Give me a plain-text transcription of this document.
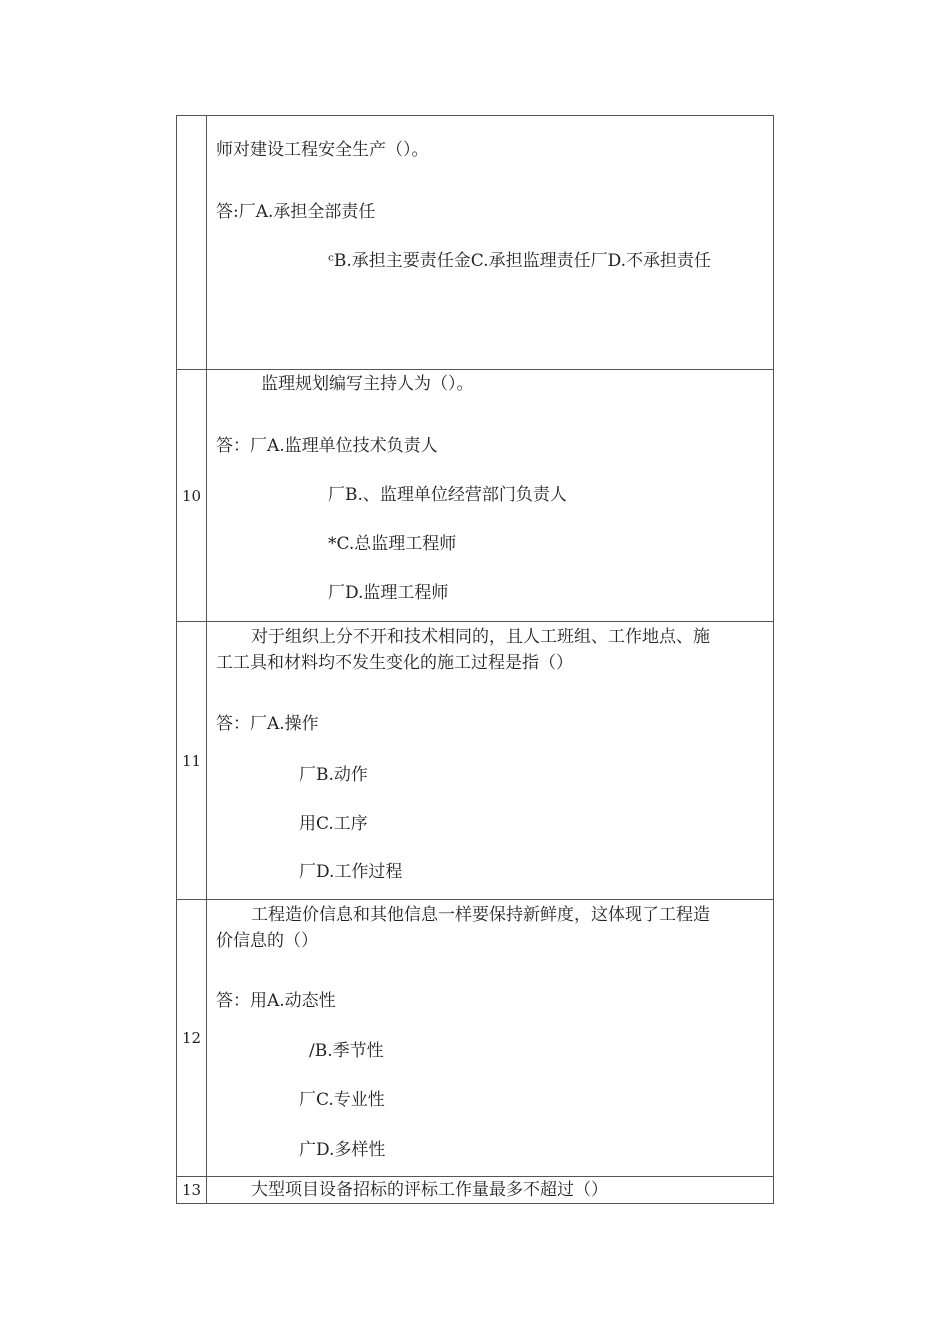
师对建设工程安全生产（）。
答:厂A.承担全部责任
ᶜB.承担主要责任金C.承担监理责任厂D.不承担责任
10
监理规划编写主持人为（）。
答：厂A.监理单位技术负责人
厂B.、监理单位经营部门负责人
*C.总监理工程师
厂D.监理工程师
11
对于组织上分不开和技术相同的，且人工班组、工作地点、施
工工具和材料均不发生变化的施工过程是指（）
答：厂A.操作
厂B.动作
用C.工序
厂D.工作过程
12
工程造价信息和其他信息一样要保持新鲜度，这体现了工程造
价信息的（）
答：用A.动态性
/B.季节性
厂C.专业性
广D.多样性
13	大型项目设备招标的评标工作量最多不超过（）
